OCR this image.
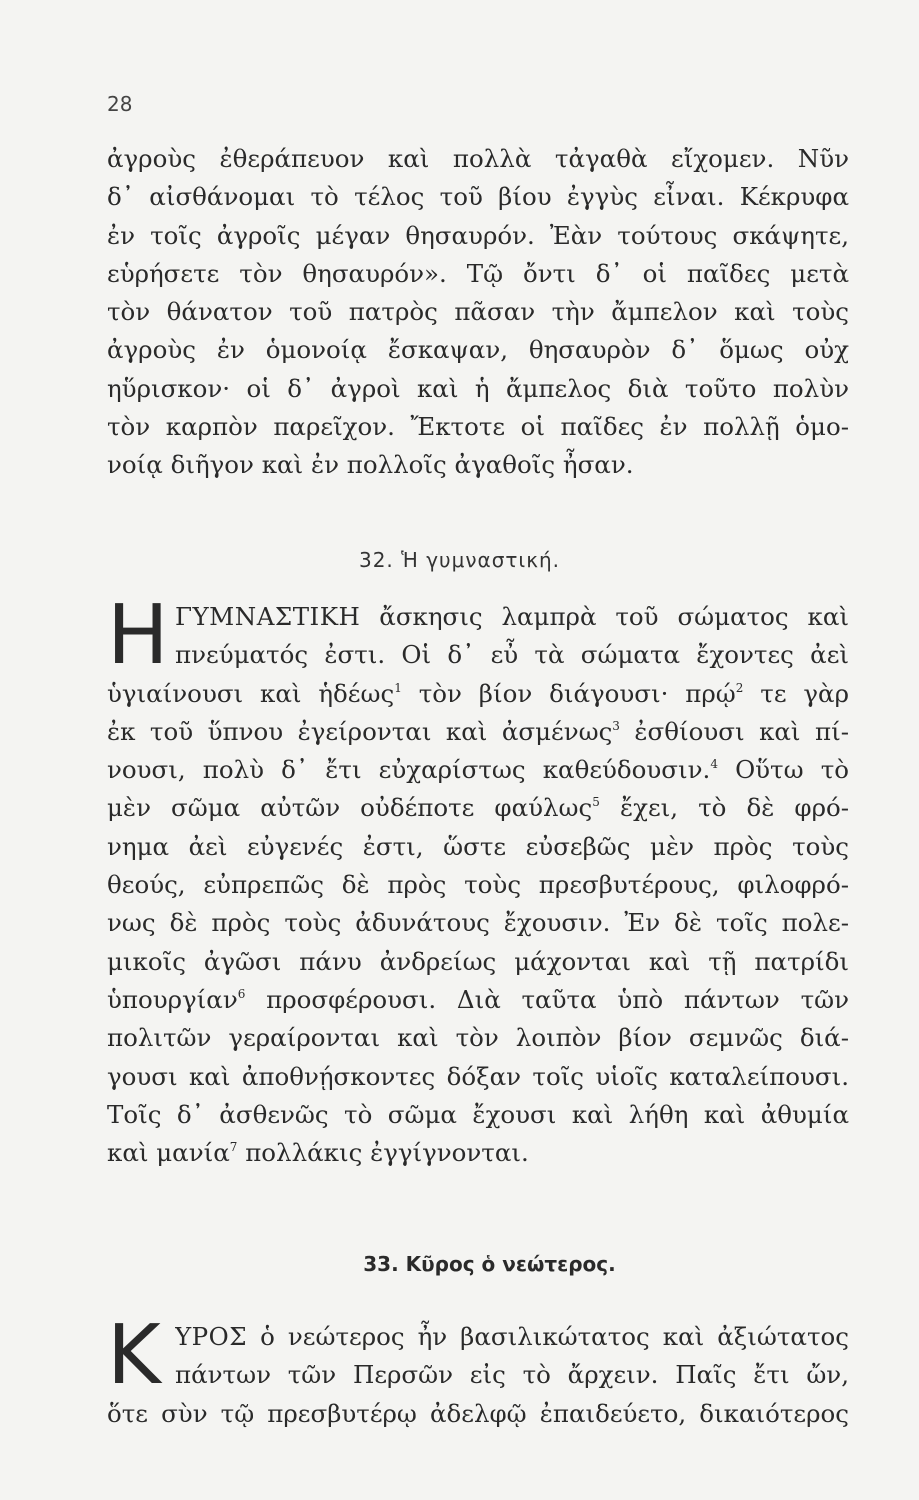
28
ἀγροὺς ἐθεράπευον καὶ πολλὰ τἀγαθὰ εἴχομεν. Νῦν
δ᾽ αἰσθάνομαι τὸ τέλος τοῦ βίου ἐγγὺς εἶναι. Κέκρυφα
ἐν τοῖς ἀγροῖς μέγαν θησαυρόν. Ἐὰν τούτους σκάψητε,
εὑρήσετε τὸν θησαυρόν». Τῷ ὄντι δ᾽ οἱ παῖδες μετὰ
τὸν θάνατον τοῦ πατρὸς πᾶσαν τὴν ἄμπελον καὶ τοὺς
ἀγροὺς ἐν ὁμονοίᾳ ἔσκαψαν, θησαυρὸν δ᾽ ὅμως οὐχ
ηὕρισκον· οἱ δ᾽ ἀγροὶ καὶ ἡ ἄμπελος διὰ τοῦτο πολὺν
τὸν καρπὸν παρεῖχον. Ἔκτοτε οἱ παῖδες ἐν πολλῇ ὁμο-
νοίᾳ διῆγον καὶ ἐν πολλοῖς ἀγαθοῖς ἦσαν.
32. Ἡ γυμναστική.
Η ΓΥΜΝΑΣΤΙΚΗ ἄσκησις λαμπρὰ τοῦ σώματος καὶ
πνεύματός ἐστι. Οἱ δ᾽ εὖ τὰ σώματα ἔχοντες ἀεὶ
ὑγιαίνουσι καὶ ἡδέως$^1$ τὸν βίον διάγουσι· πρῴ$^2$ τε γὰρ
ἐκ τοῦ ὕπνου ἐγείρονται καὶ ἀσμένως$^3$ ἐσθίουσι καὶ πί-
νουσι, πολὺ δ᾽ ἔτι εὐχαρίστως καθεύδουσιν.$^4$ Οὕτω τὸ
μὲν σῶμα αὐτῶν οὐδέποτε φαύλως$^5$ ἔχει, τὸ δὲ φρό-
νημα ἀεὶ εὐγενές ἐστι, ὥστε εὐσεβῶς μὲν πρὸς τοὺς
θεούς, εὐπρεπῶς δὲ πρὸς τοὺς πρεσβυτέρους, φιλοφρό-
νως δὲ πρὸς τοὺς ἀδυνάτους ἔχουσιν. Ἐν δὲ τοῖς πολε-
μικοῖς ἀγῶσι πάνυ ἀνδρείως μάχονται καὶ τῇ πατρίδι
ὑπουργίαν$^6$ προσφέρουσι. Διὰ ταῦτα ὑπὸ πάντων τῶν
πολιτῶν γεραίρονται καὶ τὸν λοιπὸν βίον σεμνῶς διά-
γουσι καὶ ἀποθνῄσκοντες δόξαν τοῖς υἱοῖς καταλείπουσι.
Τοῖς δ᾽ ἀσθενῶς τὸ σῶμα ἔχουσι καὶ λήθη καὶ ἀθυμία
καὶ μανία$^7$ πολλάκις ἐγγίγνονται.
33. Κῦρος ὁ νεώτερος.
Κ ΥΡΟΣ ὁ νεώτερος ἦν βασιλικώτατος καὶ ἀξιώτατος
πάντων τῶν Περσῶν εἰς τὸ ἄρχειν. Παῖς ἔτι ὤν,
ὅτε σὺν τῷ πρεσβυτέρῳ ἀδελφῷ ἐπαιδεύετο, δικαιότερος
